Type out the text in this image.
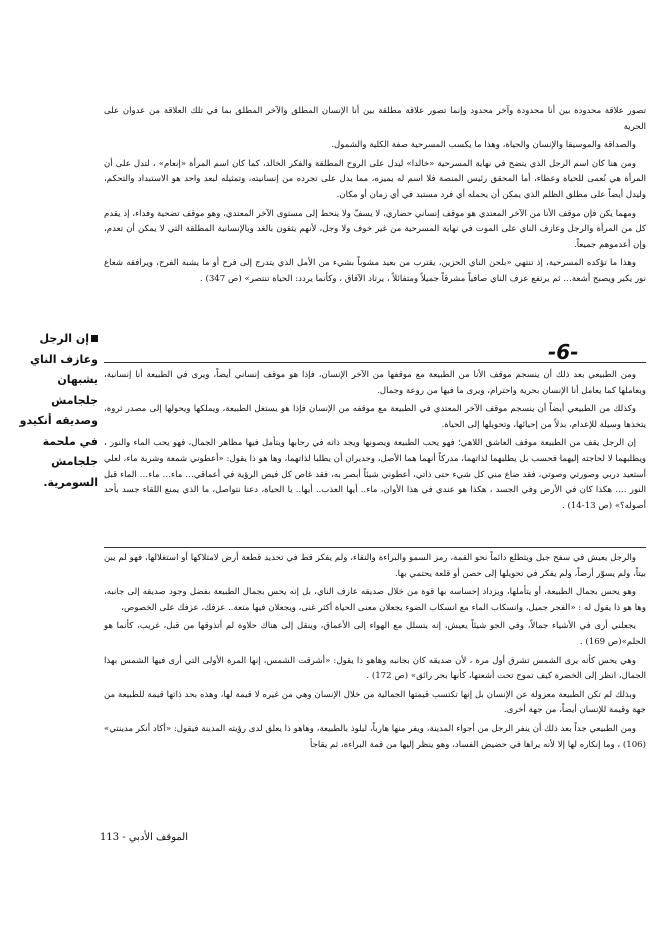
تصور علاقة محدودة بين أنا محدودة وآخر محدود وإنما تصور علاقة مطلقة بين أنا الإنسان المطلق والآخر المطلق بما في تلك العلاقة من عدوان على الحرية

والصداقة والموسيقا والإنسان والحياة، وهذا ما يكسب المسرحية صفة الكلية والشمول.

ومن هنا كان اسم الرجل الذي يتضح في نهاية المسرحية «خالدا» ليدل على الروح المطلقة والفكر الخالد، كما كان اسم المرأة «إنعام» ، لتدل على أن المرأة هي نُعمى للحياة وعطاء، أما المحقق رئيس المنصة فلا اسم له يميزه، مما يدل على تجرده من إنسانيته، وتمثيله لبعد واحد هو الاستبداد والتحكم، وليدل أيضاً على مطلق الظلم الذي يمكن أن يحمله أي فرد مستبد في أي زمان أو مكان.

ومهما يكن فإن موقف الأنا من الآخر المعتدي هو موقف إنساني حضاري، لا يسفّ ولا ينحط إلى مستوى الآخر المعتدي، وهو موقف تضحية وفداء، إذ يقدم كل من المرأة والرجل وعازف الناي على الموت في نهاية المسرحية من غير خوف ولا وجل، لأنهم يثقون بالغد وبالإنسانية المطلقة التي لا يمكن أن تعدم، وإن أعدموهم جميعاً.

وهذا ما تؤكده المسرحية، إذ تنتهي «بلحن الناي الحزين، يقترب من بعيد مشوباً بشيء من الأمل الذي يتدرج إلى فرح أو ما يشبه الفرح، ويرافقه شعاع نور يكبر ويصبح أشعة… ثم يرتفع عزف الناي صافياً مشرقاً جميلاً ومتفائلاً ، يرتاد الآفاق ، وكأنما يردد: الحياة تنتصر» (ص 347) .

-6-

ومن الطبيعي بعد ذلك أن ينسجم موقف الأنا من الطبيعة مع موقفها من الآخر الإنسان، فإذا هو موقف إنساني أيضاً، ويرى في الطبيعة أنا إنسانية، ويعاملها كما يعامل أنا الإنسان بحرية واحترام، ويرى ما فيها من روعة وجمال.

وكذلك من الطبيعي أيضاً أن ينسجم موقف الآخر المعتدي في الطبيعة مع موقفه من الإنسان فإذا هو يستغل الطبيعة، ويملكها ويحولها إلى مصدر ثروة، يتخذها وسيلة للإعدام، بدلاً من إحيائها، وتحويلها إلى الحياة.

إن الرجل يقف من الطبيعة موقف العاشق اللاهي؛ فهو يحب الطبيعة ويصونها ويجد ذاته في رحابها ويتأمل فيها مظاهر الجمال، فهو يحب الماء والنور ، ويطلبهما لا لحاجته إليهما فحسب بل يطلبهما لذاتهما، مدركاً أنهما هما الأصل، وجديران أن يطلبا لذاتهما، وها هو ذا يقول: «أعطوني شمعة وشربة ماء، لعلي أستعيد دربي وصورتي وصوتي، فقد ضاع مني كل شيء حتى ذاتي، أعطوني شيئاً أبصر به، فقد غاص كل فيض الرؤية في أعماقي… ماء… ماء… الماء قبل النور …. هكذا كان في الأرض وفي الجسد ، هكذا هو عندي في هذا الأوان، ماء.. أيها العذب.. أيها.. يا الحياة، دعنا نتواصل، ما الذي يمنع اللقاء جسد بأحد أصوله؟» (ص 13-14) .

والرجل يعيش في سفح جبل ويتطلع دائماً نحو القمة، رمز السمو والبراءة والنقاء، ولم يفكر قط في تحديد قطعة أرض لامتلاكها أو استغلالها، فهو لم يبن بيتاً، ولم يسوّر أرضاً، ولم يفكر في تحويلها إلى حصن أو قلعة يحتمي بها.

وهو يحس بجمال الطبيعة، أو يتأملها، ويزداد إحساسه بها قوة من خلال صديقه عازف الناي، بل إنه يحس بجمال الطبيعة بفضل وجود صديقه إلى جانبه، وها هو ذا يقول له : «الفجر جميل، وانسكاب الماء مع انسكاب الضوء يجعلان معنى الحياة أكثر غنى، ويجعلان فيها متعة.. عزفك، عزفك على الخصوص،

يجعلني أرى في الأشياء جمالاً، وفي الجو شيئاً يعيش، إنه يتسلل مع الهواء إلى الأعماق، وينقل إلى هناك حلاوة لم أتذوقها من قبل، غريب، كأنما هو الحلم»(ص 169) .

وهي يحس كأنه يرى الشمس تشرق أول مرة ، لأن صديقه كان بجانبه وهاهو ذا يقول: «أشرقت الشمس، إنها المرة الأولى التي أرى فيها الشمس بهذا الجمال، انظر إلى الخضرة كيف تموج تحت أشعتها، كأنها بحر رائق» (ص 172) .

وبذلك لم تكن الطبيعة معزولة عن الإنسان بل إنها تكتسب قيمتها الجمالية من خلال الإنسان وهي من غيره لا قيمة لها، وهذه بحد ذاتها قيمة للطبيعة من جهة وقيمة للإنسان أيضاً، من جهة أخرى.

ومن الطبيعي جداً بعد ذلك أن ينفر الرجل من أجواء المدينة، ويفر منها هارباً، ليلوذ بالطبيعة، وهاهو ذا يعلق لدى رؤيته المدينة فيقول: «أكاد أنكر مدينتي» (106) ، وما إنكاره لها إلا لأنه يراها في حضيض الفساد، وهو ينظر إليها من قمة البراءة، ثم يقاجأ

إن الرجل وعازف الناي يشبهان جلجامش وصديقه أنكيدو في ملحمة جلجامش السومرية.
الموقف الأدبي - 113
